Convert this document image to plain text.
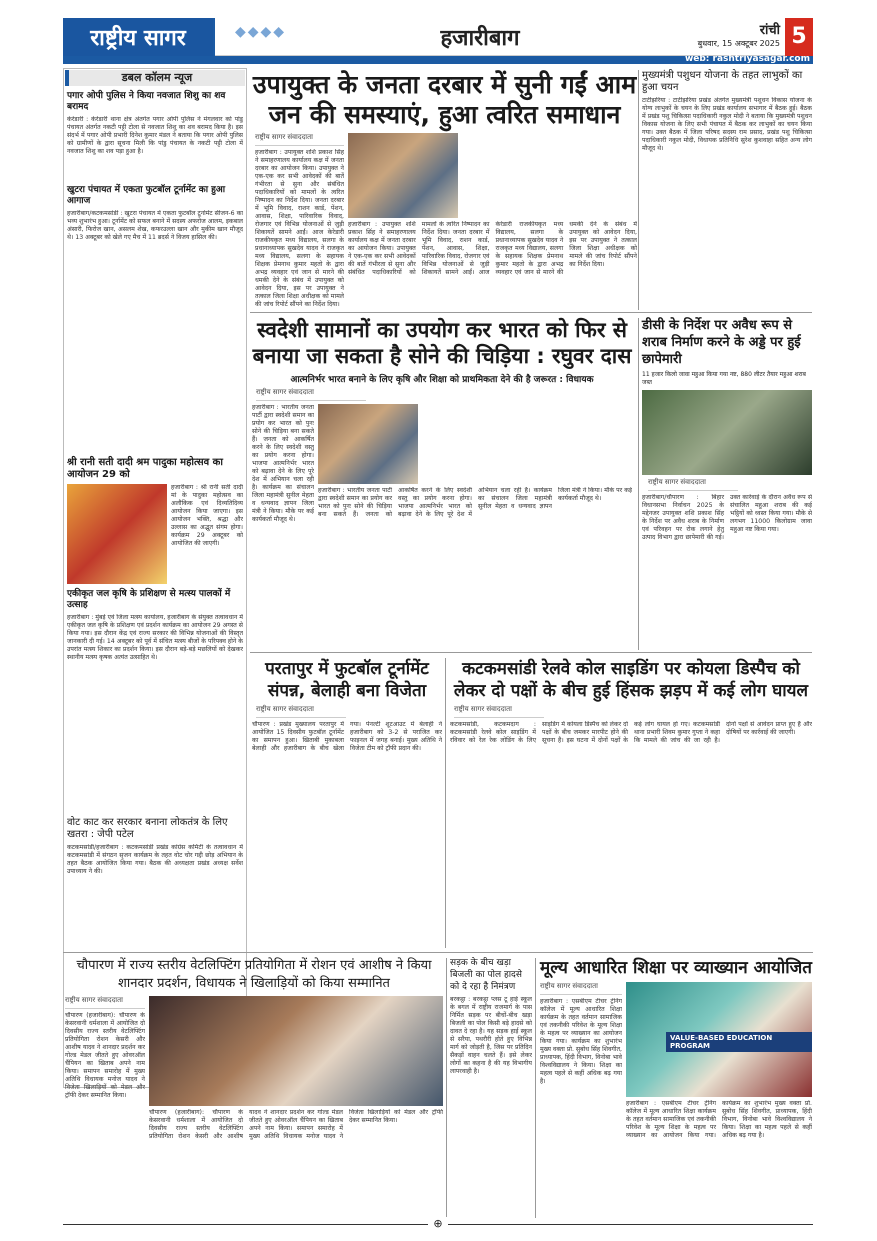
राष्ट्रीय सागर	◆◆◆◆	हजारीबाग	रांची
बुधवार, 15 अक्टूबर 2025 5
web: rashtriyasagar.com
डबल कॉलम न्यूज
पगार ओपी पुलिस ने किया नवजात शिशु का शव बरामद
केरेडारी : केरेडारी थाना क्षेत्र अंतर्गत पगार ओपी पुलिस ने मंगलवार को पांडु पंचायत अंतर्गत नकटी पट्टी टोला से नवजात शिशु का शव बरामद किया है। इस संदर्भ में पगार ओपी प्रभारी दिनेश कुमार मंडल ने बताया कि पगार ओपी पुलिस को ग्रामीणों के द्वारा सूचना मिली कि पांडु पंचायत के नकटी पट्टी टोला में नवजात शिशु का शव पड़ा हुआ है।
खुटरा पंचायत में एकता फुटबॉल टूर्नामेंट का हुआ आगाज
हजारीबाग/कटकमसांडी : खुटरा पंचायत में एकता फुटबॉल टूर्नामेंट सीजन-6 का भव्य शुभारंभ हुआ। टूर्नामेंट को सफल बनाने में सदस्य अफरोज आलम, इकबाल अंसारी, फिरोज खान, असलम शेख, कफरउल्ला खान और मुकीम खान मौजूद थे। 13 अक्टूबर को खेले गए मैच में 11 ब्रदर्स ने विजय हासिल की।
श्री रानी सती दादी श्रम पादुका महोत्सव का आयोजन 29 को
हजारीबाग : श्री रानी सती दादी मां के पादुका महोत्सव का अलौकिक एवं दिव्यतिदिव्य आयोजन किया जाएगा। इस आयोजन भक्ति, श्रद्धा और उल्लास का अद्भुत संगम होगा। कार्यक्रम 29 अक्टूबर को आयोजित की जाएगी।
एकीकृत जल कृषि के प्रशिक्षण से मत्स्य पालकों में उत्साह
हजारीबाग : मुंबई एवं जिला मत्स्य कार्यालय, हजारीबाग के संयुक्त तत्वावधान में एकीकृत जल कृषि के प्रशिक्षण एवं प्रदर्शन कार्यक्रम का आयोजन 29 अगस्त से किया गया। इस दौरान केंद्र एवं राज्य सरकार की विभिन्न योजनाओं की विस्तृत जानकारी दी गई। 14 अक्टूबर को पूर्व में संचित मत्स्य बीजों के परिपक्व होने के उपरांत मत्स्य शिकार का प्रदर्शन किया। इस दौरान बड़े-बड़े मछलियों को देखकर स्थानीय मत्स्य कृषक अत्यंत उत्साहित थे।
वोट काट कर सरकार बनाना लोकतंत्र के लिए खतरा : जेपी पटेल
कटकमसांडी/हजारीबाग : कटकमसांडी प्रखंड कांग्रेस कमिटी के तत्वावधान में कटकमसांडी में संगठन सृजन कार्यक्रम के तहत वोट चोर गद्दी छोड़ अभियान के तहत बैठक आयोजित किया गया। बैठक की अध्यक्षता प्रखंड अध्यक्ष सर्वेश उपाध्याय ने की।
उपायुक्त के जनता दरबार में सुनी गईं आम जन की समस्याएं, हुआ त्वरित समाधान
राष्ट्रीय सागर संवाददाता
हजारीबाग : उपायुक्त शशि प्रकाश सिंह ने समाहरणालय कार्यालय कक्ष में जनता दरबार का आयोजन किया। उपायुक्त ने एक-एक कर सभी आवेदकों की बातें गंभीरता से सुना और संबंधित पदाधिकारियों को मामलों के त्वरित निष्पादन का निर्देश दिया। जनता दरबार में भूमि विवाद, राशन कार्ड, पेंशन, आवास, शिक्षा, पारिवारिक विवाद, रोजगार एवं विभिन्न योजनाओं से जुड़ी शिकायतें सामने आईं। आज केरेडारी राजकीयकृत मध्य विद्यालय, सलगा के प्रधानाध्यापक सुखदेव यादव ने राजकृत मध्य विद्यालय, सलगा के सहायक शिक्षक प्रेमनाथ कुमार महतो के द्वारा अभद्र व्यवहार एवं जान से मारने की धमकी देने के संबंध में उपायुक्त को आवेदन दिया, इस पर उपायुक्त ने तत्काल जिला शिक्षा अधीक्षक को मामले की जांच रिपोर्ट सौंपने का निर्देश दिया।
हजारीबाग : उपायुक्त शशि प्रकाश सिंह ने समाहरणालय कार्यालय कक्ष में जनता दरबार का आयोजन किया। उपायुक्त ने एक-एक कर सभी आवेदकों की बातें गंभीरता से सुना और संबंधित पदाधिकारियों को मामलों के त्वरित निष्पादन का निर्देश दिया। जनता दरबार में भूमि विवाद, राशन कार्ड, पेंशन, आवास, शिक्षा, पारिवारिक विवाद, रोजगार एवं विभिन्न योजनाओं से जुड़ी शिकायतें सामने आईं। आज केरेडारी राजकीयकृत मध्य विद्यालय, सलगा के प्रधानाध्यापक सुखदेव यादव ने राजकृत मध्य विद्यालय, सलगा के सहायक शिक्षक प्रेमनाथ कुमार महतो के द्वारा अभद्र व्यवहार एवं जान से मारने की धमकी देने के संबंध में उपायुक्त को आवेदन दिया, इस पर उपायुक्त ने तत्काल जिला शिक्षा अधीक्षक को मामले की जांच रिपोर्ट सौंपने का निर्देश दिया।
मुख्यमंत्री पशुधन योजना के तहत लाभुकों का हुआ चयन
टाटीझरिया : टाटीझरिया प्रखंड अंतर्गत मुख्यमंत्री पशुधन विकास योजना के योग्य लाभुकों के चयन के लिए प्रखंड कार्यालय सभागार में बैठक हुई। बैठक में प्रखंड पशु चिकित्सा पदाधिकारी नकुल मोदी ने बताया कि मुख्यमंत्री पशुधन विकास योजना के लिए सभी पंचायत में बैठक कर लाभुकों का चयन किया गया। उक्त बैठक में जिला परिषद सदस्य राम प्रसाद, प्रखंड पशु चिकित्सा पदाधिकारी नकुल मोदी, विधायक प्रतिनिधि सुरेश कुशवाहा सहित अन्य लोग मौजूद थे।
स्वदेशी सामानों का उपयोग कर भारत को फिर से बनाया जा सकता है सोने की चिड़िया : रघुवर दास
आत्मनिर्भर भारत बनाने के लिए कृषि और शिक्षा को प्राथमिकता देने की है जरूरत : विधायक
राष्ट्रीय सागर संवाददाता
हजारीबाग : भारतीय जनता पार्टी द्वारा स्वदेशी समान का प्रयोग कर भारत को पुनः सोने की चिड़िया बना सकते हैं। जनता को आकर्षित करने के लिए स्वदेशी वस्तु का प्रयोग करना होगा। भाजपा आत्मनिर्भर भारत को बढ़ावा देने के लिए पूरे देश में अभियान चला रही है। कार्यक्रम का संचालन जिला महामंत्री सुनील मेहता व धन्यवाद ज्ञापन जिला मंत्री ने किया। मौके पर कई कार्यकर्ता मौजूद थे।
हजारीबाग : भारतीय जनता पार्टी द्वारा स्वदेशी समान का प्रयोग कर भारत को पुनः सोने की चिड़िया बना सकते हैं। जनता को आकर्षित करने के लिए स्वदेशी वस्तु का प्रयोग करना होगा। भाजपा आत्मनिर्भर भारत को बढ़ावा देने के लिए पूरे देश में अभियान चला रही है। कार्यक्रम का संचालन जिला महामंत्री सुनील मेहता व धन्यवाद ज्ञापन जिला मंत्री ने किया। मौके पर कई कार्यकर्ता मौजूद थे।
डीसी के निर्देश पर अवैध रूप से शराब निर्माण करने के अड्डे पर हुई छापेमारी
11 हजार किलो जावा महुआ किया गया नष्ट, 880 लीटर तैयार महुआ शराब जब्त
राष्ट्रीय सागर संवाददाता
हजारीबाग/चौपारण : बिहार विधानसभा निर्वाचन 2025 के मद्देनजर उपायुक्त शशि प्रकाश सिंह के निर्देश पर अवैध शराब के निर्माण एवं परिवहन पर रोक लगाने हेतु उत्पाद विभाग द्वारा छापेमारी की गई। उक्त कार्रवाई के दौरान अवैध रूप से संचालित महुआ शराब की कई भट्ठियों को ध्वस्त किया गया। मौके से लगभग 11000 किलोग्राम जावा महुआ नष्ट किया गया।
परतापुर में फुटबॉल टूर्नामेंट संपन्न, बेलाही बना विजेता
राष्ट्रीय सागर संवाददाता
चौपारण : प्रखंड मुख्यालय परतापुर में आयोजित 15 दिवसीय फुटबॉल टूर्नामेंट का समापन हुआ। खिताबी मुकाबला बेलाही और हजारीबाग के बीच खेला गया। पेनल्टी शूटआउट में बेलाही ने हजारीबाग को 3-2 से पराजित कर फाइनल में जगह बनाई। मुख्य अतिथि ने विजेता टीम को ट्रॉफी प्रदान की।
कटकमसांडी रेलवे कोल साइडिंग पर कोयला डिस्पैच को लेकर दो पक्षों के बीच हुई हिंसक झड़प में कई लोग घायल
राष्ट्रीय सागर संवाददाता
कटकमसांडी, कटकमदाग : कटकमसांडी रेलवे कोल साइडिंग में रविवार को रेल रेक लोडिंग के लिए साइडिंग में कोयला डिस्पैच को लेकर दो पक्षों के बीच जमकर मारपीट होने की सूचना है। इस घटना में दोनों पक्षों के कई लोग घायल हो गए। कटकमसांडी थाना प्रभारी शिवम कुमार गुप्ता ने कहा कि मामले की जांच की जा रही है। दोनों पक्षों से आवेदन प्राप्त हुए हैं और दोषियों पर कार्रवाई की जाएगी।
चौपारण में राज्य स्तरीय वेटलिफ्टिंग प्रतियोगिता में रोशन एवं आशीष ने किया शानदार प्रदर्शन, विधायक ने खिलाड़ियों को किया सम्मानित
राष्ट्रीय सागर संवाददाता
चौपारण (हजारीबाग): चौपारण के केसरवानी धर्मशाला में आयोजित दो दिवसीय राज्य स्तरीय वेटलिफ्टिंग प्रतियोगिता रोशन केसरी और आशीष यादव ने शानदार प्रदर्शन कर गोल्ड मेडल जीतते हुए ओवरऑल चैंपियन का खिताब अपने नाम किया। समापन समारोह में मुख्य अतिथि विधायक मनोज यादव ने विजेता खिलाड़ियों को मेडल और ट्रॉफी देकर सम्मानित किया।
चौपारण (हजारीबाग): चौपारण के केसरवानी धर्मशाला में आयोजित दो दिवसीय राज्य स्तरीय वेटलिफ्टिंग प्रतियोगिता रोशन केसरी और आशीष यादव ने शानदार प्रदर्शन कर गोल्ड मेडल जीतते हुए ओवरऑल चैंपियन का खिताब अपने नाम किया। समापन समारोह में मुख्य अतिथि विधायक मनोज यादव ने विजेता खिलाड़ियों को मेडल और ट्रॉफी देकर सम्मानित किया।
सड़क के बीच खड़ा बिजली का पोल हादसे को दे रहा है निमंत्रण
बरकट्ठा : बरकट्ठा प्लस टू हाई स्कूल के बगल में राष्ट्रीय राजमार्ग के पास निर्मित सड़क पर बीचों-बीच खड़ा बिजली का पोल किसी बड़े हादसे को दावत दे रहा है। यह सड़क हाई स्कूल से सरैया, पथरौरी होते हुए विभिन्न मार्ग को जोड़ती है, जिस पर प्रतिदिन सैकड़ों वाहन चलते हैं। इसे लेकर लोगों का कहना है की यह विभागीय लापरवाही है।
मूल्य आधारित शिक्षा पर व्याख्यान आयोजित
राष्ट्रीय सागर संवाददाता
हजारीबाग : एसबीएम टीचर ट्रेनिंग कॉलेज में मूल्य आधारित शिक्षा कार्यक्रम के तहत वर्तमान सामाजिक एवं तकनीकी परिवेश के मूल्य शिक्षा के महत्व पर व्याख्यान का आयोजन किया गया। कार्यक्रम का शुभारंभ मुख्य वक्ता प्रो. सुबोध सिंह शिवगीत, प्राध्यापक, हिंदी विभाग, विनोबा भावे विश्वविद्यालय ने किया। शिक्षा का महत्व पहले से कहीं अधिक बढ़ गया है।
VALUE-BASED EDUCATION PROGRAM
हजारीबाग : एसबीएम टीचर ट्रेनिंग कॉलेज में मूल्य आधारित शिक्षा कार्यक्रम के तहत वर्तमान सामाजिक एवं तकनीकी परिवेश के मूल्य शिक्षा के महत्व पर व्याख्यान का आयोजन किया गया। कार्यक्रम का शुभारंभ मुख्य वक्ता प्रो. सुबोध सिंह शिवगीत, प्राध्यापक, हिंदी विभाग, विनोबा भावे विश्वविद्यालय ने किया। शिक्षा का महत्व पहले से कहीं अधिक बढ़ गया है।
⊕
